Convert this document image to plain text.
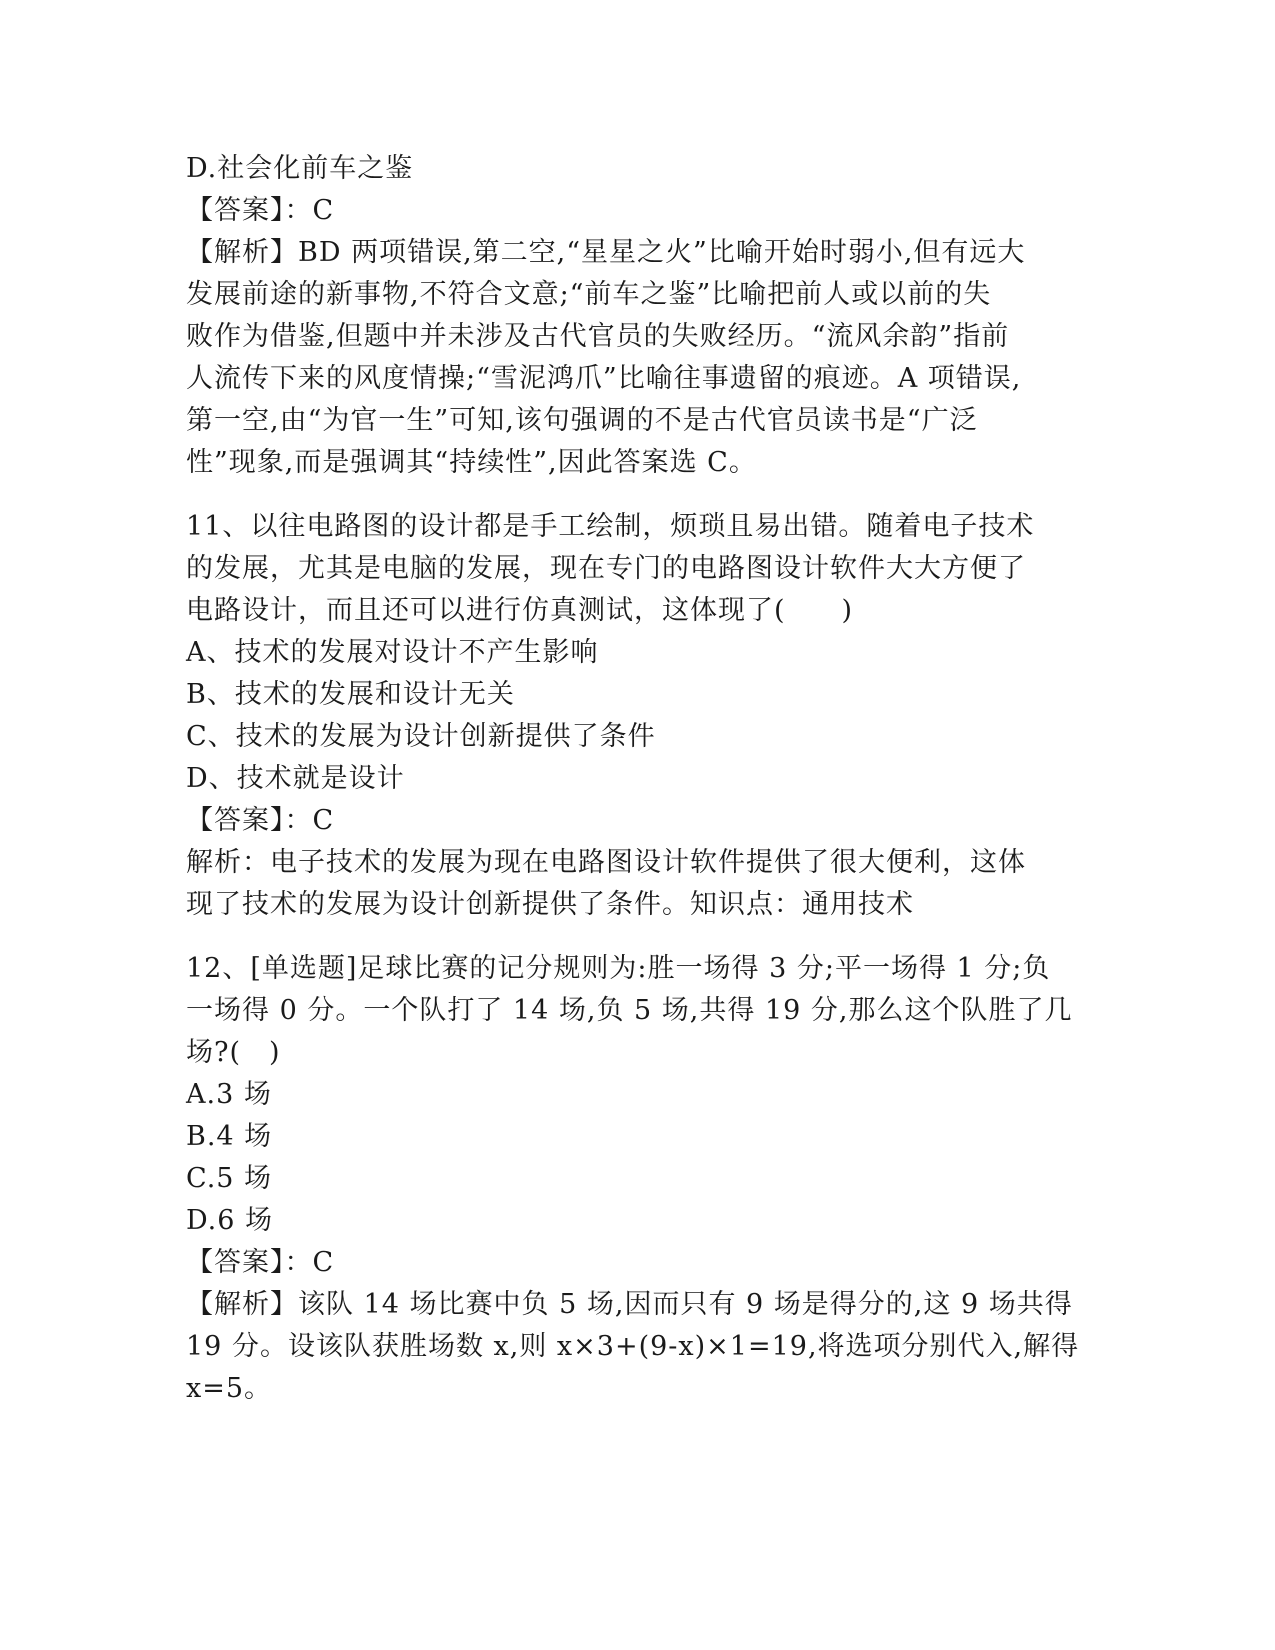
D.社会化前车之鉴

【答案】：C

【解析】BD 两项错误,第二空,“星星之火”比喻开始时弱小,但有远大

发展前途的新事物,不符合文意;“前车之鉴”比喻把前人或以前的失

败作为借鉴,但题中并未涉及古代官员的失败经历。“流风余韵”指前

人流传下来的风度情操;“雪泥鸿爪”比喻往事遗留的痕迹。A 项错误,

第一空,由“为官一生”可知,该句强调的不是古代官员读书是“广泛

性”现象,而是强调其“持续性”,因此答案选 C。

11、以往电路图的设计都是手工绘制，烦琐且易出错。随着电子技术

的发展，尤其是电脑的发展，现在专门的电路图设计软件大大方便了

电路设计，而且还可以进行仿真测试，这体现了(　　)

A、技术的发展对设计不产生影响

B、技术的发展和设计无关

C、技术的发展为设计创新提供了条件

D、技术就是设计

【答案】：C

解析：电子技术的发展为现在电路图设计软件提供了很大便利，这体

现了技术的发展为设计创新提供了条件。知识点：通用技术

12、[单选题]足球比赛的记分规则为:胜一场得 3 分;平一场得 1 分;负

一场得 0 分。一个队打了 14 场,负 5 场,共得 19 分,那么这个队胜了几

场?(　)

A.3 场

B.4 场

C.5 场

D.6 场

【答案】：C

【解析】该队 14 场比赛中负 5 场,因而只有 9 场是得分的,这 9 场共得

19 分。设该队获胜场数 x,则 x×3+(9-x)×1=19,将选项分别代入,解得

x=5。
